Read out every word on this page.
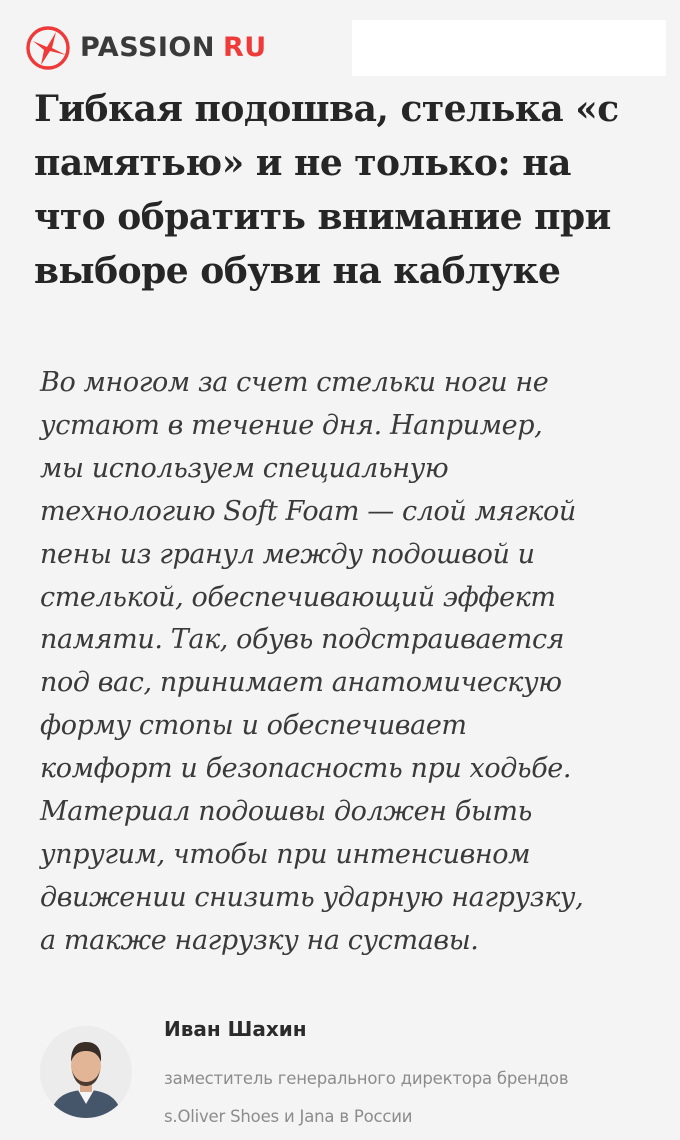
PASSION RU
Гибкая подошва, стелька «с памятью» и не только: на что обратить внимание при выборе обуви на каблуке
Во многом за счет стельки ноги не
устают в течение дня. Например,
мы используем специальную
технологию Soft Foam — слой мягкой
пены из гранул между подошвой и
стелькой, обеспечивающий эффект
памяти. Так, обувь подстраивается
под вас, принимает анатомическую
форму стопы и обеспечивает
комфорт и безопасность при ходьбе.
Материал подошвы должен быть
упругим, чтобы при интенсивном
движении снизить ударную нагрузку,
а также нагрузку на суставы.
Иван Шахин

заместитель генерального директора брендов
s.Oliver Shoes и Jana в России
